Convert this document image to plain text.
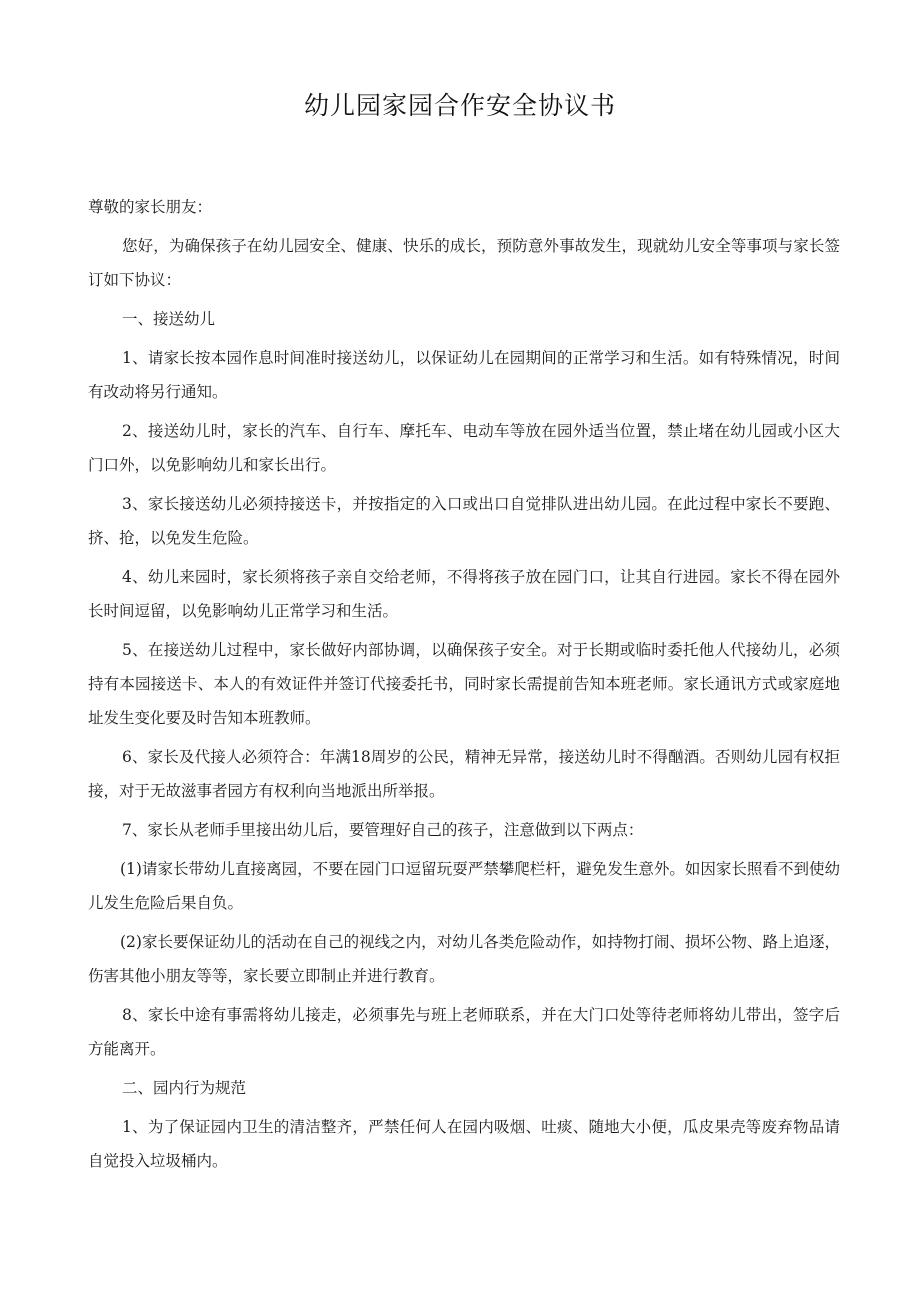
幼儿园家园合作安全协议书

尊敬的家长朋友：

您好，为确保孩子在幼儿园安全、健康、快乐的成长，预防意外事故发生，现就幼儿安全等事项与家长签订如下协议：

一、接送幼儿

1、请家长按本园作息时间准时接送幼儿，以保证幼儿在园期间的正常学习和生活。如有特殊情况，时间有改动将另行通知。

2、接送幼儿时，家长的汽车、自行车、摩托车、电动车等放在园外适当位置，禁止堵在幼儿园或小区大门口外，以免影响幼儿和家长出行。

3、家长接送幼儿必须持接送卡，并按指定的入口或出口自觉排队进出幼儿园。在此过程中家长不要跑、挤、抢，以免发生危险。

4、幼儿来园时，家长须将孩子亲自交给老师，不得将孩子放在园门口，让其自行进园。家长不得在园外长时间逗留，以免影响幼儿正常学习和生活。

5、在接送幼儿过程中，家长做好内部协调，以确保孩子安全。对于长期或临时委托他人代接幼儿，必须持有本园接送卡、本人的有效证件并签订代接委托书，同时家长需提前告知本班老师。家长通讯方式或家庭地址发生变化要及时告知本班教师。

6、家长及代接人必须符合：年满18周岁的公民，精神无异常，接送幼儿时不得酗酒。否则幼儿园有权拒接，对于无故滋事者园方有权利向当地派出所举报。

7、家长从老师手里接出幼儿后，要管理好自己的孩子，注意做到以下两点：

(1)请家长带幼儿直接离园，不要在园门口逗留玩耍严禁攀爬栏杆，避免发生意外。如因家长照看不到使幼儿发生危险后果自负。

(2)家长要保证幼儿的活动在自己的视线之内，对幼儿各类危险动作，如持物打闹、损坏公物、路上追逐，伤害其他小朋友等等，家长要立即制止并进行教育。

8、家长中途有事需将幼儿接走，必须事先与班上老师联系，并在大门口处等待老师将幼儿带出，签字后方能离开。

二、园内行为规范

1、为了保证园内卫生的清洁整齐，严禁任何人在园内吸烟、吐痰、随地大小便，瓜皮果壳等废弃物品请自觉投入垃圾桶内。
